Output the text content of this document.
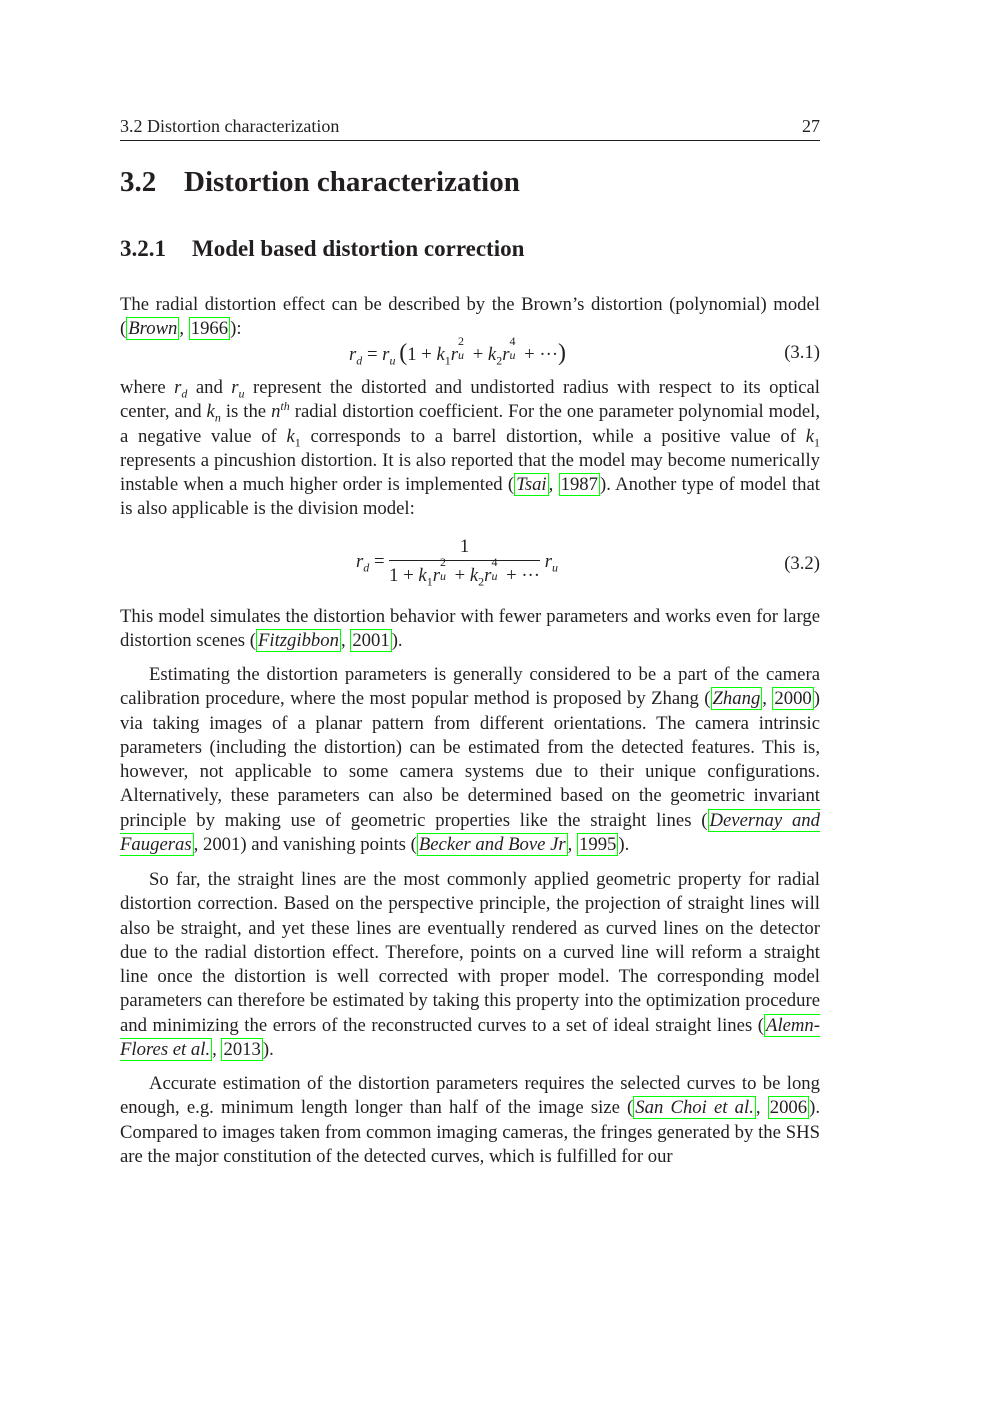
3.2 Distortion characterization	27
3.2 Distortion characterization
3.2.1 Model based distortion correction

The radial distortion effect can be described by the Brown’s distortion (polynomial) model ( Brown , 1966 ):

$r_d = r_u$  ($1 + k_1r$
2
$u + k_2r$
4
u + ···)	(3.1)

where $r_d$ and $r_u$ represent the distorted and undistorted radius with respect to its optical center, and $k_n$ is the $n^{th}$ radial distortion coefficient. For the one parameter polynomial model, a negative value of $k_1$ corresponds to a barrel distortion, while a positive value of $k_1$ represents a pincushion distortion. It is also reported that the model may become numerically instable when a much higher order is implemented ( Tsai , 1987 ). Another type of model that is also applicable is the division model:

$r_d = 1$
$1 + k_1r$
2
$u + k_2r$
4
u + ··· $r_u$	(3.2)

This model simulates the distortion behavior with fewer parameters and works even for large distortion scenes ( Fitzgibbon , 2001 ).

Estimating the distortion parameters is generally considered to be a part of the camera calibration procedure, where the most popular method is proposed by Zhang ( Zhang , 2000 ) via taking images of a planar pattern from different orientations. The camera intrinsic parameters (including the distortion) can be estimated from the detected features. This is, however, not applicable to some camera systems due to their unique configurations. Alternatively, these parameters can also be determined based on the geometric invariant principle by making use of geometric properties like the straight lines ( Devernay and Faugeras , 2001) and vanishing points ( Becker and Bove Jr , 1995 ).

So far, the straight lines are the most commonly applied geometric property for radial distortion correction. Based on the perspective principle, the projection of straight lines will also be straight, and yet these lines are eventually rendered as curved lines on the detector due to the radial distortion effect. Therefore, points on a curved line will reform a straight line once the distortion is well corrected with proper model. The corresponding model parameters can therefore be estimated by taking this property into the optimization procedure and minimizing the errors of the reconstructed curves to a set of ideal straight lines ( Alemn-Flores et al. , 2013 ).

Accurate estimation of the distortion parameters requires the selected curves to be long enough, e.g. minimum length longer than half of the image size ( San Choi et al. , 2006 ). Compared to images taken from common imaging cameras, the fringes generated by the SHS are the major constitution of the detected curves, which is fulfilled for our
